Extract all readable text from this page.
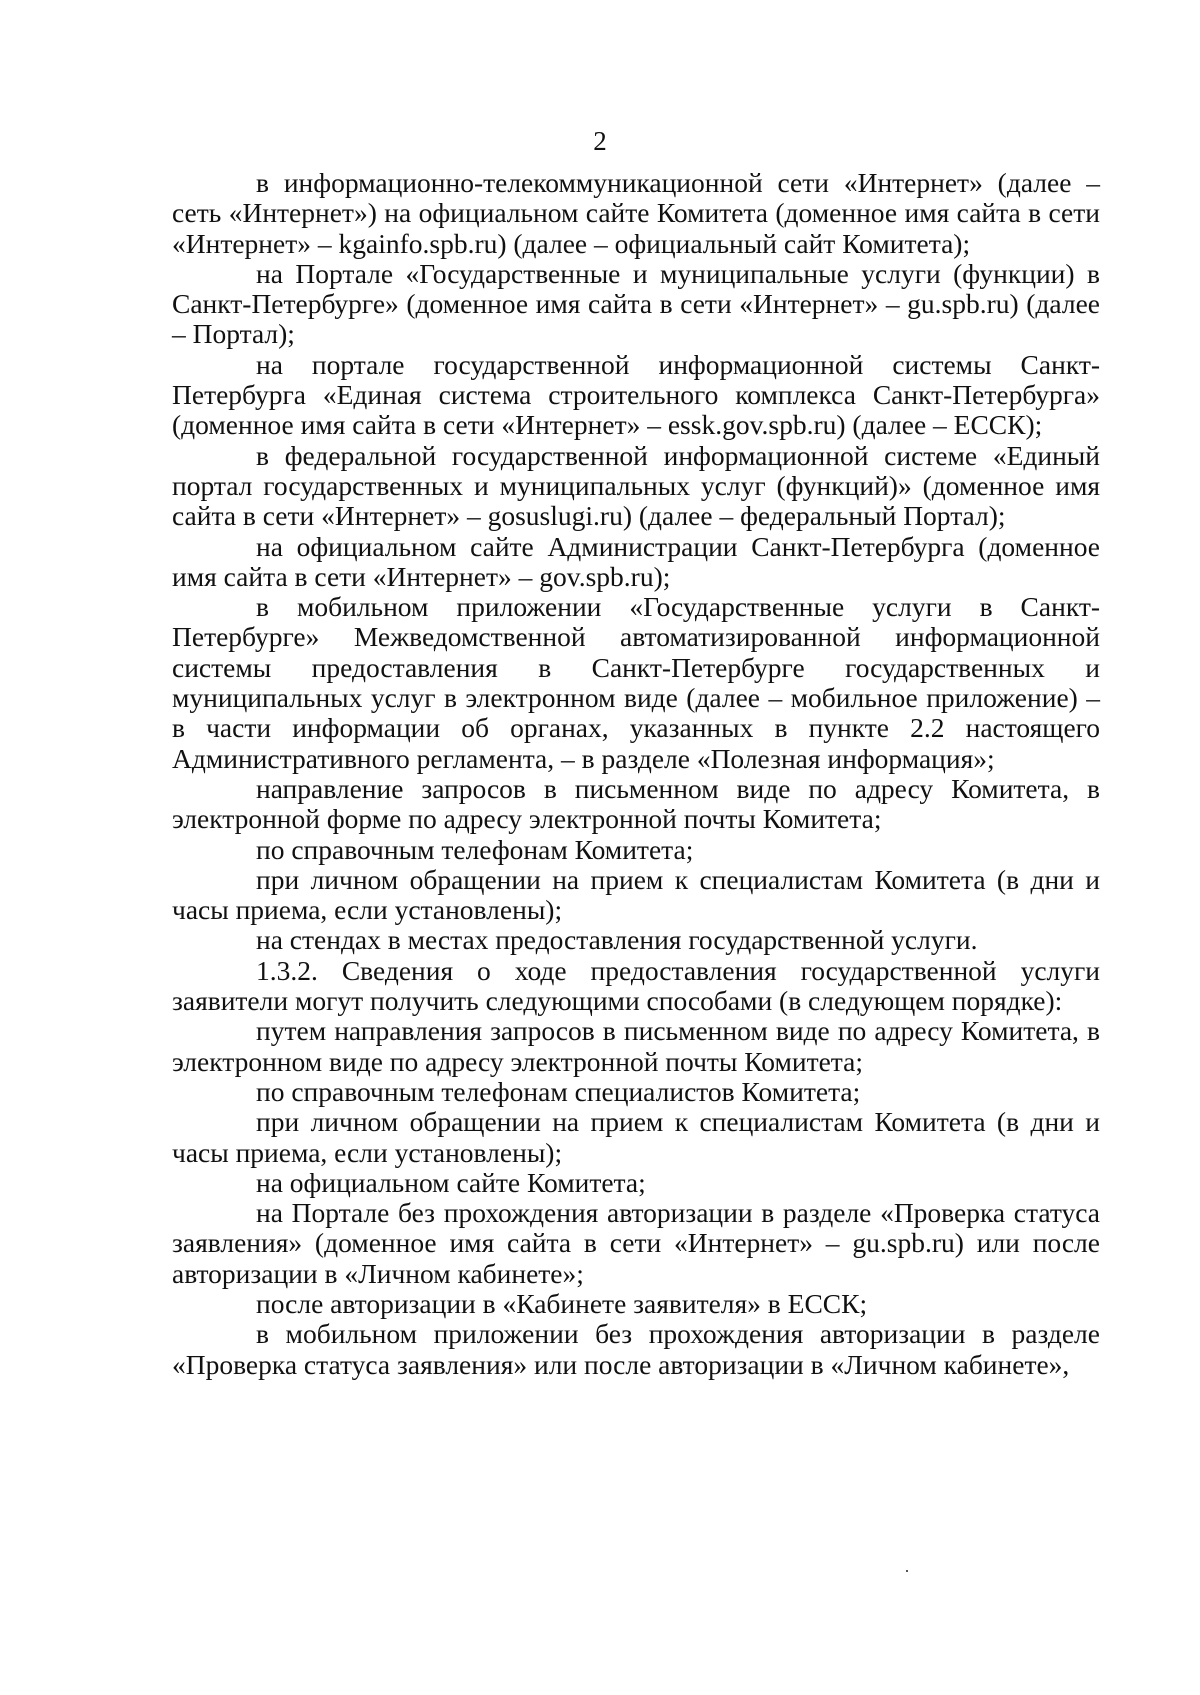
2

в информационно-телекоммуникационной сети «Интернет» (далее – сеть «Интернет») на официальном сайте Комитета (доменное имя сайта в сети «Интернет» – kgainfo.spb.ru) (далее – официальный сайт Комитета);

на Портале «Государственные и муниципальные услуги (функции) в Санкт-Петербурге» (доменное имя сайта в сети «Интернет» – gu.spb.ru) (далее – Портал);

на портале государственной информационной системы Санкт-Петербурга «Единая система строительного комплекса Санкт-Петербурга» (доменное имя сайта в сети «Интернет» – essk.gov.spb.ru) (далее – ЕССК);

в федеральной государственной информационной системе «Единый портал государственных и муниципальных услуг (функций)» (доменное имя сайта в сети «Интернет» – gosuslugi.ru) (далее – федеральный Портал);

на официальном сайте Администрации Санкт-Петербурга (доменное имя сайта в сети «Интернет» – gov.spb.ru);

в мобильном приложении «Государственные услуги в Санкт-Петербурге» Межведомственной автоматизированной информационной системы предоставления в Санкт-Петербурге государственных и муниципальных услуг в электронном виде (далее – мобильное приложение) – в части информации об органах, указанных в пункте 2.2 настоящего Административного регламента, – в разделе «Полезная информация»;

направление запросов в письменном виде по адресу Комитета, в электронной форме по адресу электронной почты Комитета;

по справочным телефонам Комитета;

при личном обращении на прием к специалистам Комитета (в дни и часы приема, если установлены);

на стендах в местах предоставления государственной услуги.

1.3.2. Сведения о ходе предоставления государственной услуги заявители могут получить следующими способами (в следующем порядке):

путем направления запросов в письменном виде по адресу Комитета, в электронном виде по адресу электронной почты Комитета;

по справочным телефонам специалистов Комитета;

при личном обращении на прием к специалистам Комитета (в дни и часы приема, если установлены);

на официальном сайте Комитета;

на Портале без прохождения авторизации в разделе «Проверка статуса заявления» (доменное имя сайта в сети «Интернет» – gu.spb.ru) или после авторизации в «Личном кабинете»;

после авторизации в «Кабинете заявителя» в ЕССК;

в мобильном приложении без прохождения авторизации в разделе «Проверка статуса заявления» или после авторизации в «Личном кабинете»,
